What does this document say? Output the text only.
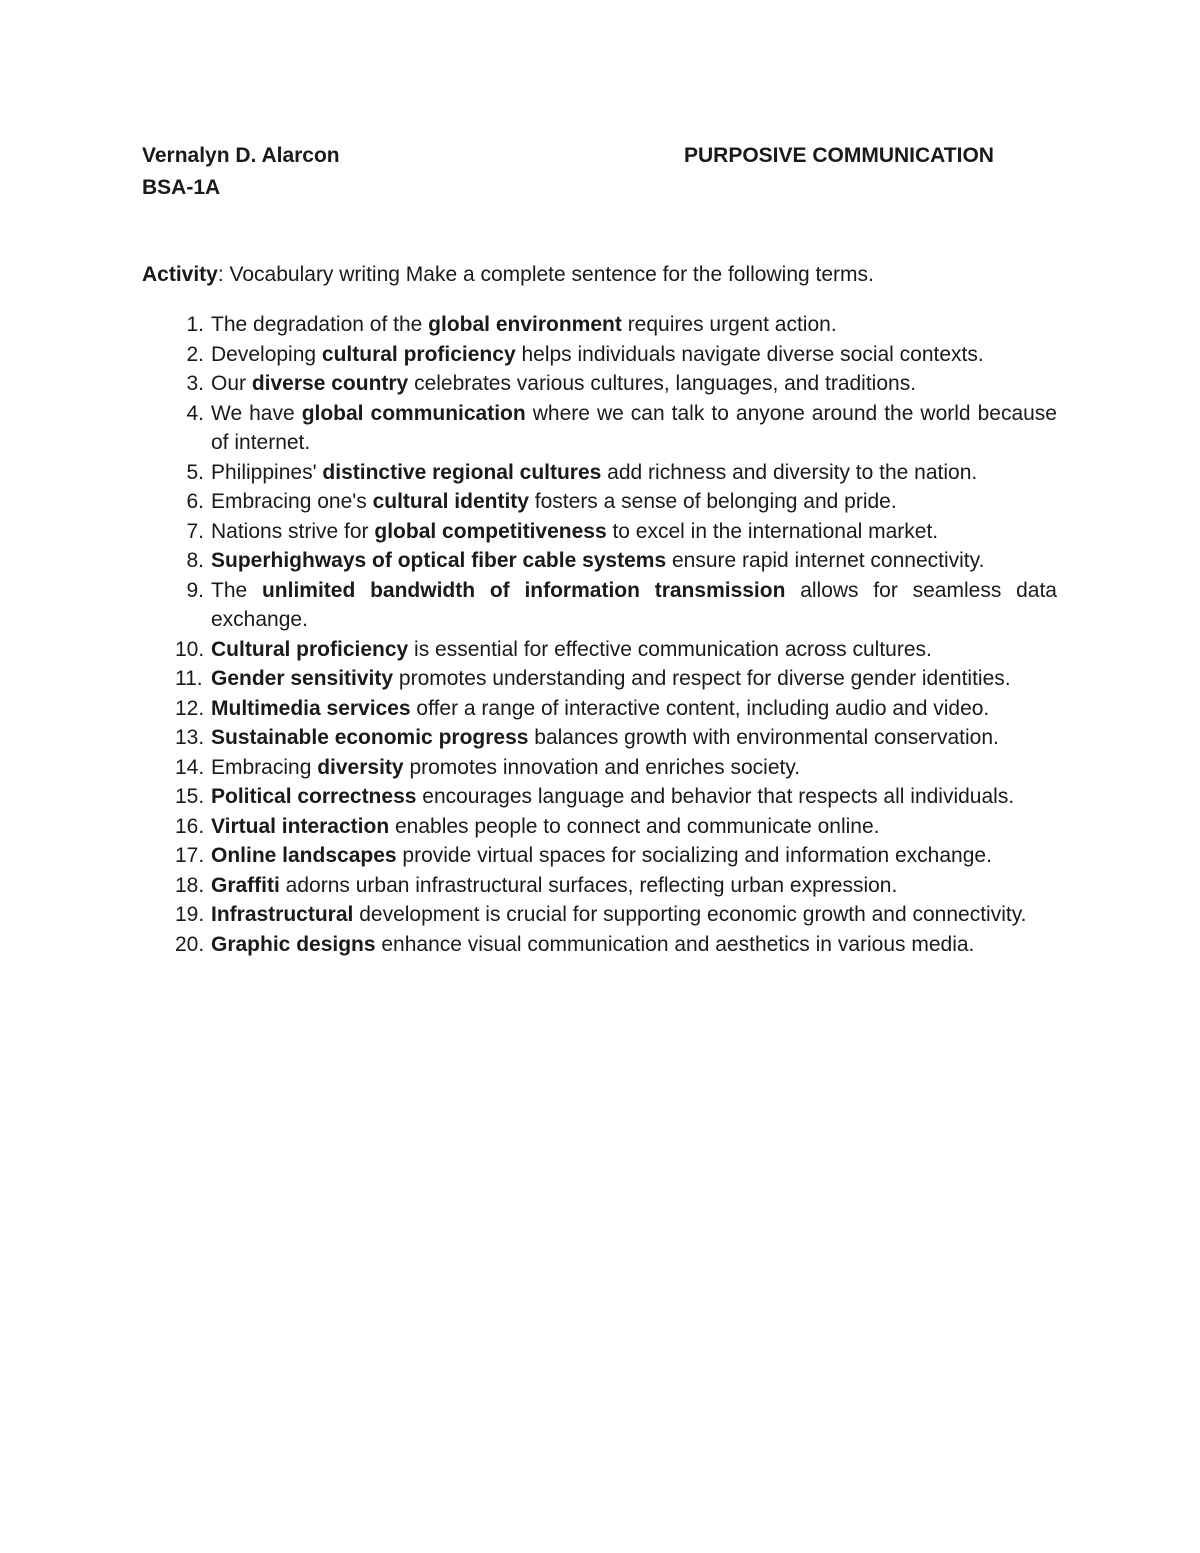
Vernalyn D. Alarcon	PURPOSIVE COMMUNICATION
BSA-1A
Activity: Vocabulary writing Make a complete sentence for the following terms.
1. The degradation of the global environment requires urgent action.
2. Developing cultural proficiency helps individuals navigate diverse social contexts.
3. Our diverse country celebrates various cultures, languages, and traditions.
4. We have global communication where we can talk to anyone around the world because of internet.
5. Philippines' distinctive regional cultures add richness and diversity to the nation.
6. Embracing one's cultural identity fosters a sense of belonging and pride.
7. Nations strive for global competitiveness to excel in the international market.
8. Superhighways of optical fiber cable systems ensure rapid internet connectivity.
9. The unlimited bandwidth of information transmission allows for seamless data exchange.
10. Cultural proficiency is essential for effective communication across cultures.
11. Gender sensitivity promotes understanding and respect for diverse gender identities.
12. Multimedia services offer a range of interactive content, including audio and video.
13. Sustainable economic progress balances growth with environmental conservation.
14. Embracing diversity promotes innovation and enriches society.
15. Political correctness encourages language and behavior that respects all individuals.
16. Virtual interaction enables people to connect and communicate online.
17. Online landscapes provide virtual spaces for socializing and information exchange.
18. Graffiti adorns urban infrastructural surfaces, reflecting urban expression.
19. Infrastructural development is crucial for supporting economic growth and connectivity.
20. Graphic designs enhance visual communication and aesthetics in various media.
